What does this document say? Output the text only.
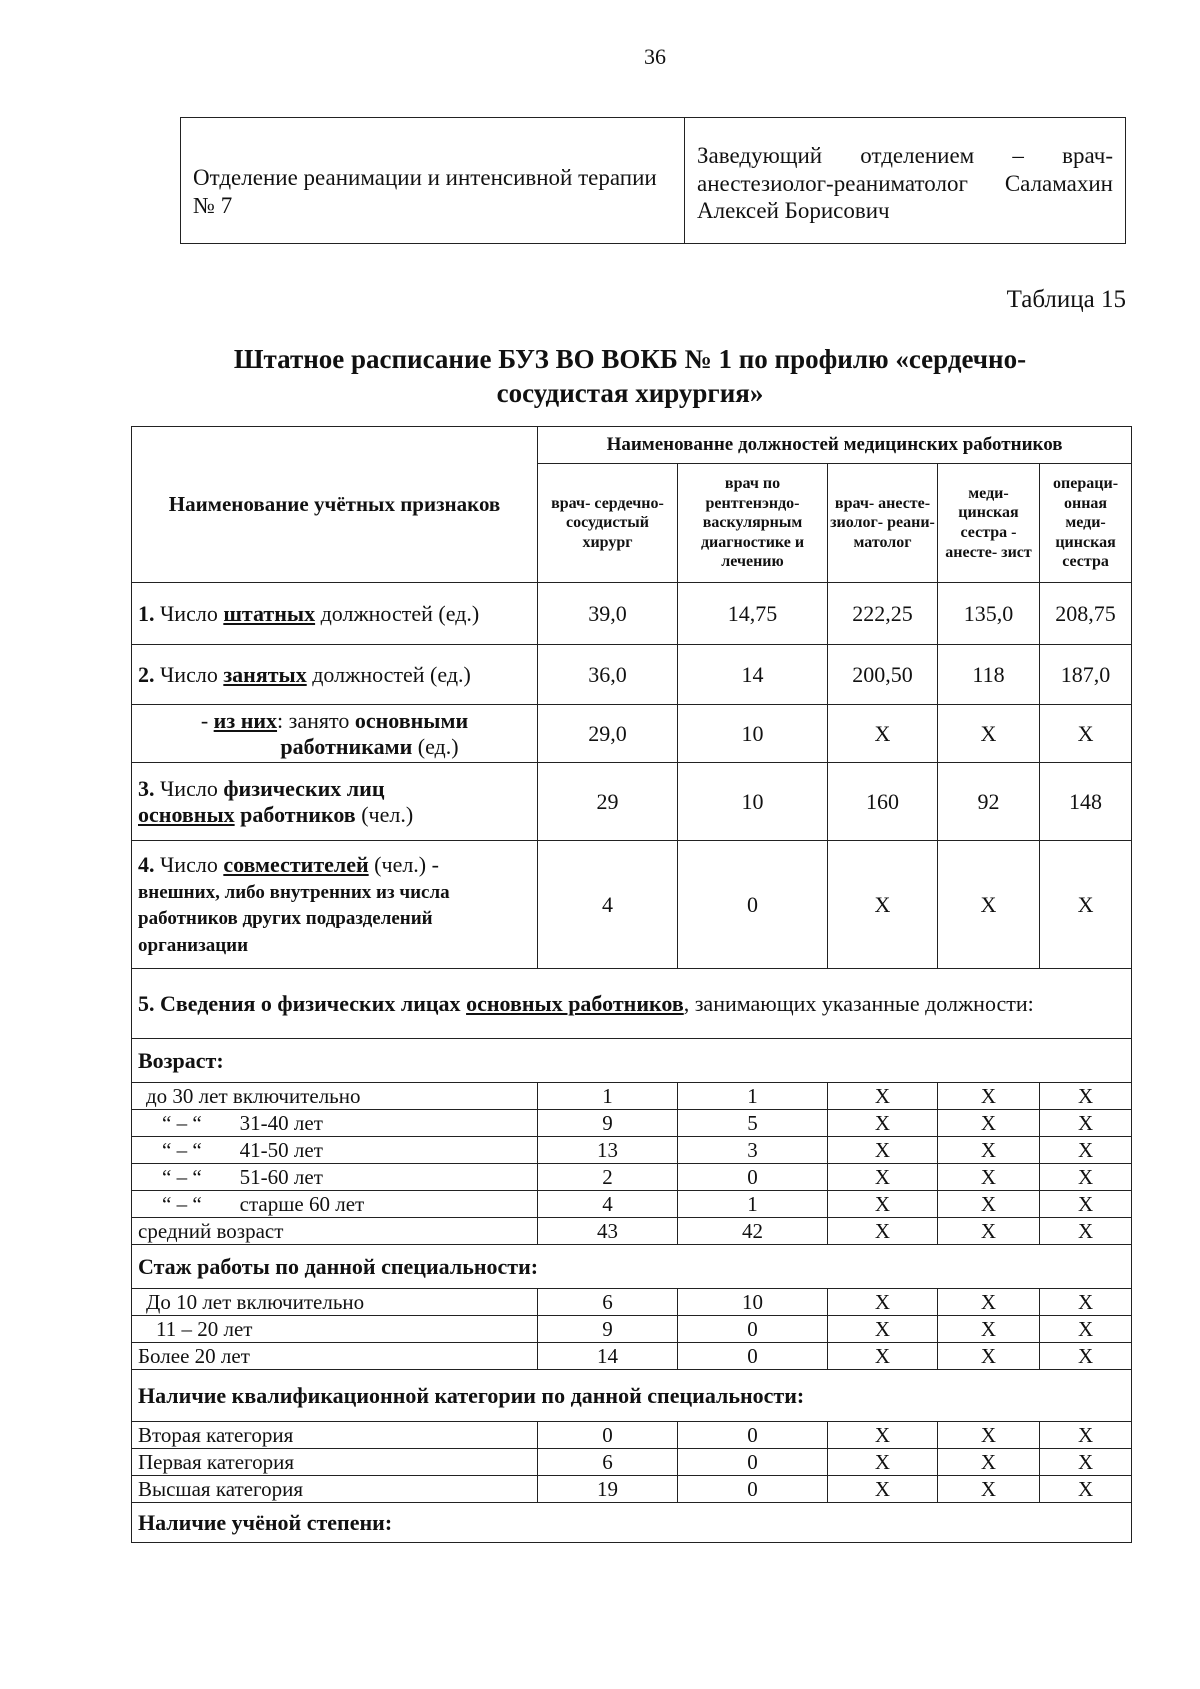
36
Отделение реанимации и интенсивной терапии № 7	Заведующий отделением – врач-анестезиолог-реаниматолог Саламахин Алексей Борисович
Таблица 15
Штатное расписание БУЗ ВО ВОКБ № 1 по профилю «сердечно-
сосудистая хирургия»
Наименование учётных признаков	Наименованне должностей медицинских работников				
	врач- сердечно- сосудистый хирург	врач по рентгенэндо- васкулярным диагностике и лечению	врач- анесте- зиолог- реани- матолог	меди- цинская сестра - анесте- зист	операци- онная меди- цинская сестра
1. Число штатных должностей (ед.)	39,0	14,75	222,25	135,0	208,75
2. Число занятых должностей (ед.)	36,0	14	200,50	118	187,0
- из них: занято основными
работниками (ед.)	29,0	10	X	X	X
3. Число физических лиц
основных работников (чел.)	29	10	160	92	148
4. Число совместителей (чел.) -
внешних, либо внутренних из числа работников других подразделений организации	4	0	X	X	X
5. Сведения о физических лицах основных работников, занимающих указанные должности:					
Возраст:					
до 30 лет включительно	1	1	X	X	X
“ – “ 31-40 лет	9	5	X	X	X
“ – “ 41-50 лет	13	3	X	X	X
“ – “ 51-60 лет	2	0	X	X	X
“ – “ старше 60 лет	4	1	X	X	X
средний возраст	43	42	X	X	X
Стаж работы по данной специальности:					
До 10 лет включительно	6	10	X	X	X
11 – 20 лет	9	0	X	X	X
Более 20 лет	14	0	X	X	X
Наличие квалификационной категории по данной специальности:					
Вторая категория	0	0	X	X	X
Первая категория	6	0	X	X	X
Высшая категория	19	0	X	X	X
Наличие учёной степени:					
